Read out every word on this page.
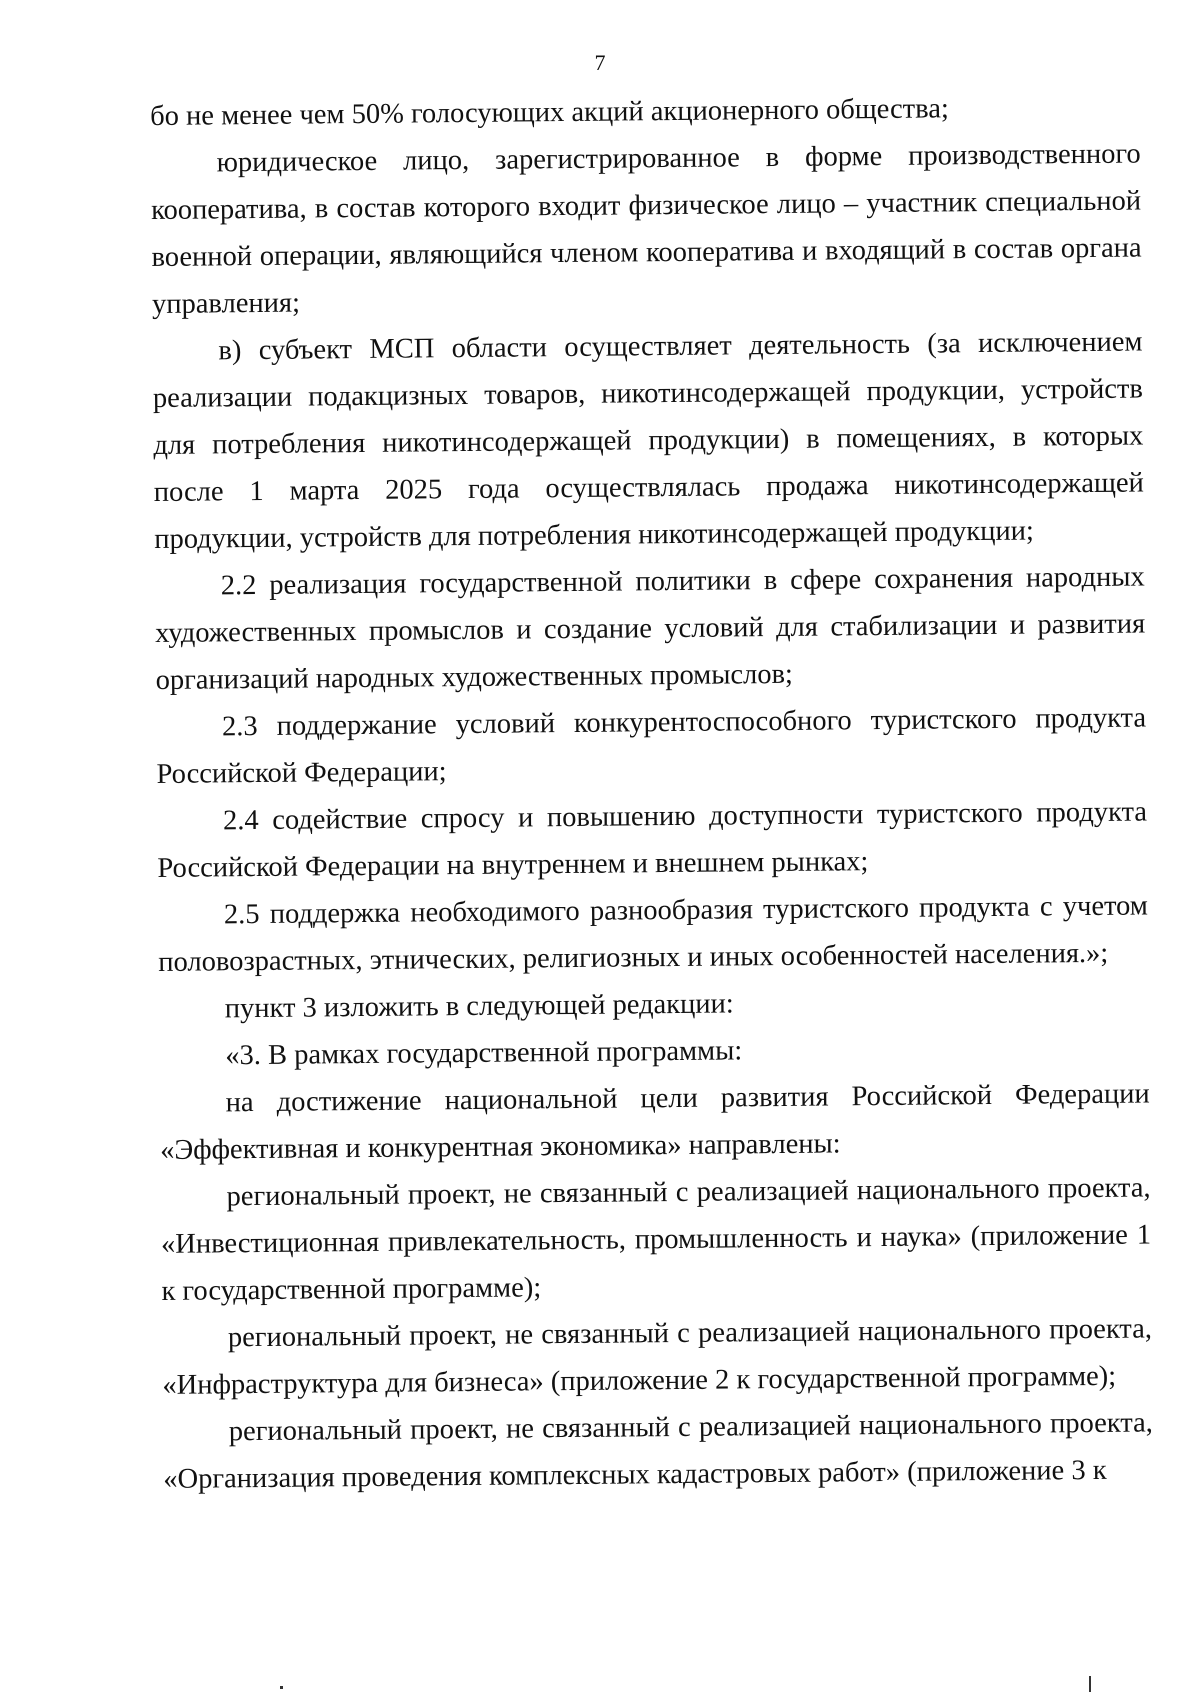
7

бо не менее чем 50% голосующих акций акционерного общества;

юридическое лицо, зарегистрированное в форме производственного кооператива, в состав которого входит физическое лицо – участник специальной военной операции, являющийся членом кооператива и входящий в состав органа управления;

в) субъект МСП области осуществляет деятельность (за исключением реализации подакцизных товаров, никотинсодержащей продукции, устройств для потребления никотинсодержащей продукции) в помещениях, в которых после 1 марта 2025 года осуществлялась продажа никотинсодержащей продукции, устройств для потребления никотинсодержащей продукции;

2.2 реализация государственной политики в сфере сохранения народных художественных промыслов и создание условий для стабилизации и развития организаций народных художественных промыслов;

2.3 поддержание условий конкурентоспособного туристского продукта Российской Федерации;

2.4 содействие спросу и повышению доступности туристского продукта Российской Федерации на внутреннем и внешнем рынках;

2.5 поддержка необходимого разнообразия туристского продукта с учетом половозрастных, этнических, религиозных и иных особенностей населения.»;

пункт 3 изложить в следующей редакции:

«3. В рамках государственной программы:

на достижение национальной цели развития Российской Федерации «Эффективная и конкурентная экономика» направлены:

региональный проект, не связанный с реализацией национального проекта, «Инвестиционная привлекательность, промышленность и наука» (приложение 1 к государственной программе);

региональный проект, не связанный с реализацией национального проекта, «Инфраструктура для бизнеса» (приложение 2 к государственной программе);

региональный проект, не связанный с реализацией национального проекта, «Организация проведения комплексных кадастровых работ» (приложение 3 к
